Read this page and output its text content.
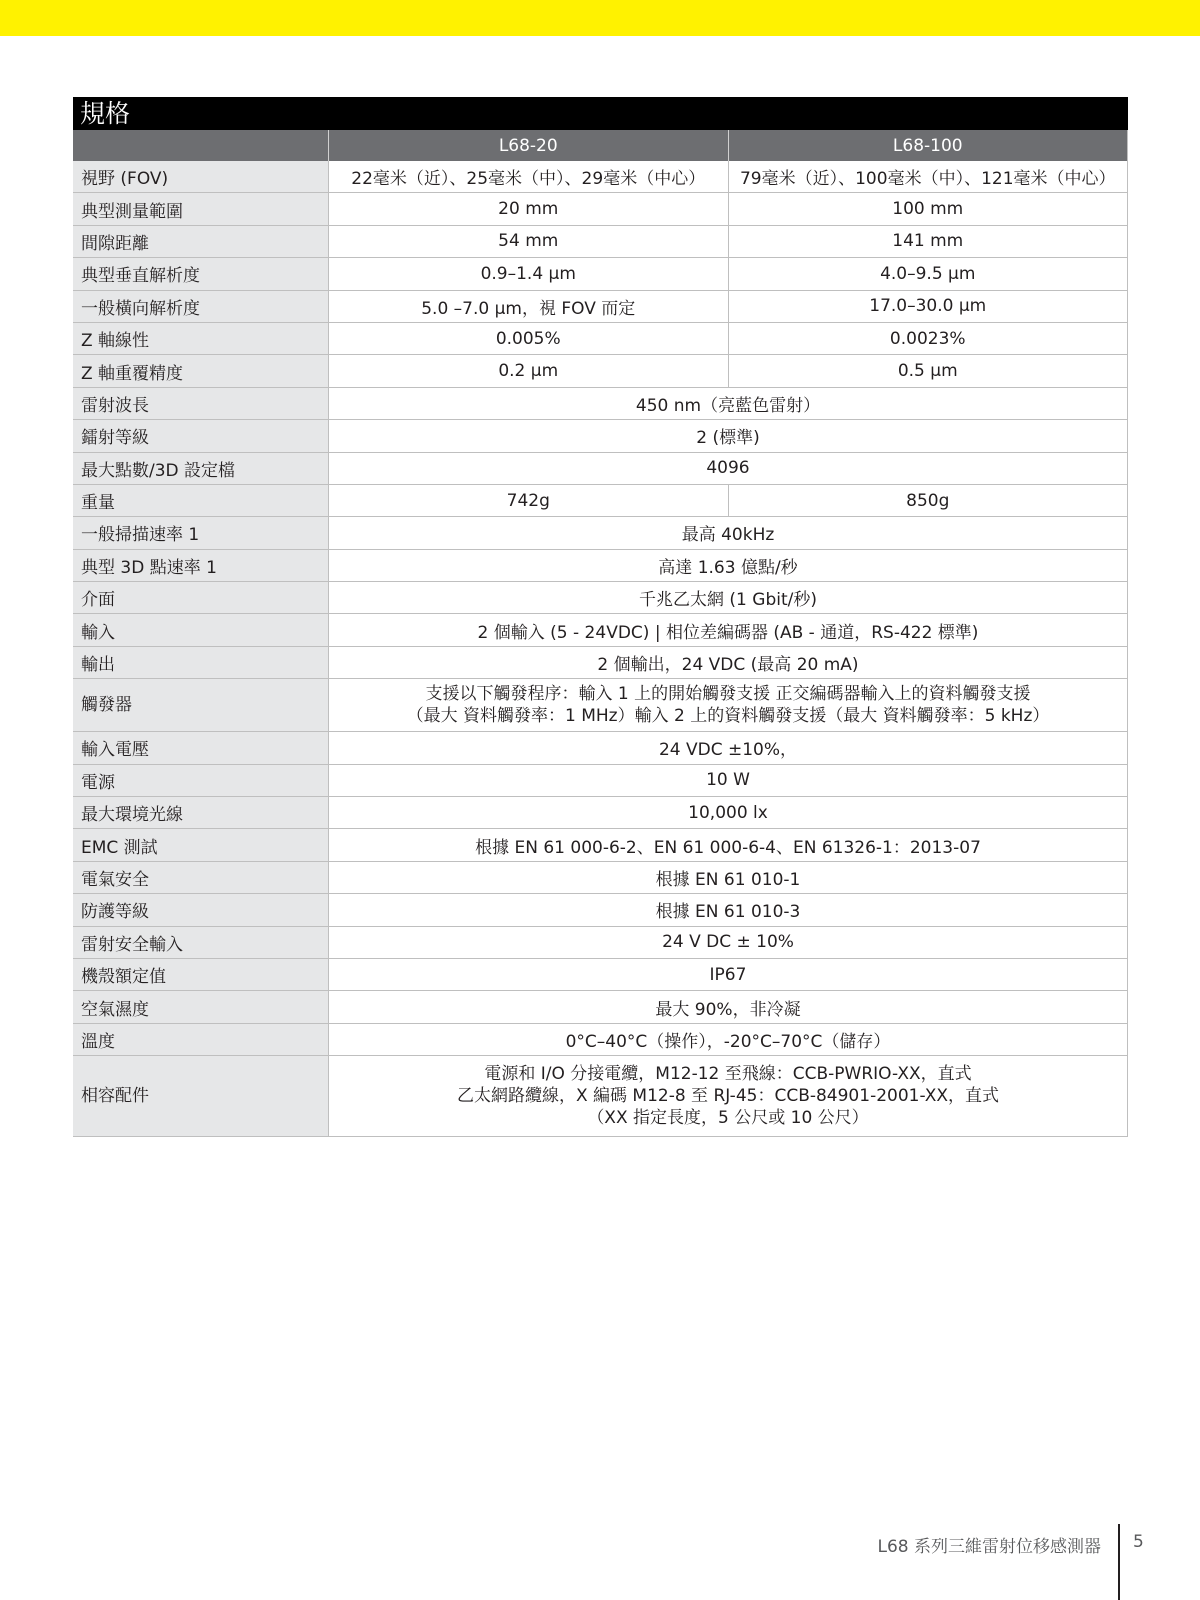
規格
	L68-20	L68-100
視野 (FOV)	22毫米（近）、25毫米（中）、29毫米（中心）	79毫米（近）、100毫米（中）、121毫米（中心）
典型測量範圍	20 mm	100 mm
間隙距離	54 mm	141 mm
典型垂直解析度	0.9–1.4 µm	4.0–9.5 µm
一般橫向解析度	5.0 –7.0 µm，視 FOV 而定	17.0–30.0 µm
Z 軸線性	0.005%	0.0023%
Z 軸重覆精度	0.2 µm	0.5 µm
雷射波長	450 nm（亮藍色雷射）	
鐳射等級	2 (標準)	
最大點數/3D 設定檔	4096	
重量	742g	850g
一般掃描速率 1	最高 40kHz	
典型 3D 點速率 1	高達 1.63 億點/秒	
介面	千兆乙太網 (1 Gbit/秒)	
輸入	2 個輸入 (5 - 24VDC) | 相位差編碼器 (AB - 通道，RS-422 標準)	
輸出	2 個輸出，24 VDC (最高 20 mA)	
觸發器	支援以下觸發程序：輸入 1 上的開始觸發支援 正交編碼器輸入上的資料觸發支援
（最大 資料觸發率：1 MHz）輸入 2 上的資料觸發支援（最大 資料觸發率：5 kHz）	

輸入電壓	24 VDC ±10%，	
電源	10 W	
最大環境光線	10,000 lx	
EMC 測試	根據 EN 61 000-6-2、EN 61 000-6-4、EN 61326-1：2013-07	
電氣安全	根據 EN 61 010-1	
防護等級	根據 EN 61 010-3	
雷射安全輸入	24 V DC ± 10%	
機殼額定值	IP67	
空氣濕度	最大 90%，非冷凝	
溫度	0°C–40°C（操作），-20°C–70°C（儲存）	
相容配件	電源和 I/O 分接電纜，M12-12 至飛線：CCB-PWRIO-XX，直式
乙太網路纜線，X 編碼 M12-8 至 RJ-45：CCB-84901-2001-XX，直式
（XX 指定長度，5 公尺或 10 公尺）	
L68 系列三維雷射位移感測器 5
